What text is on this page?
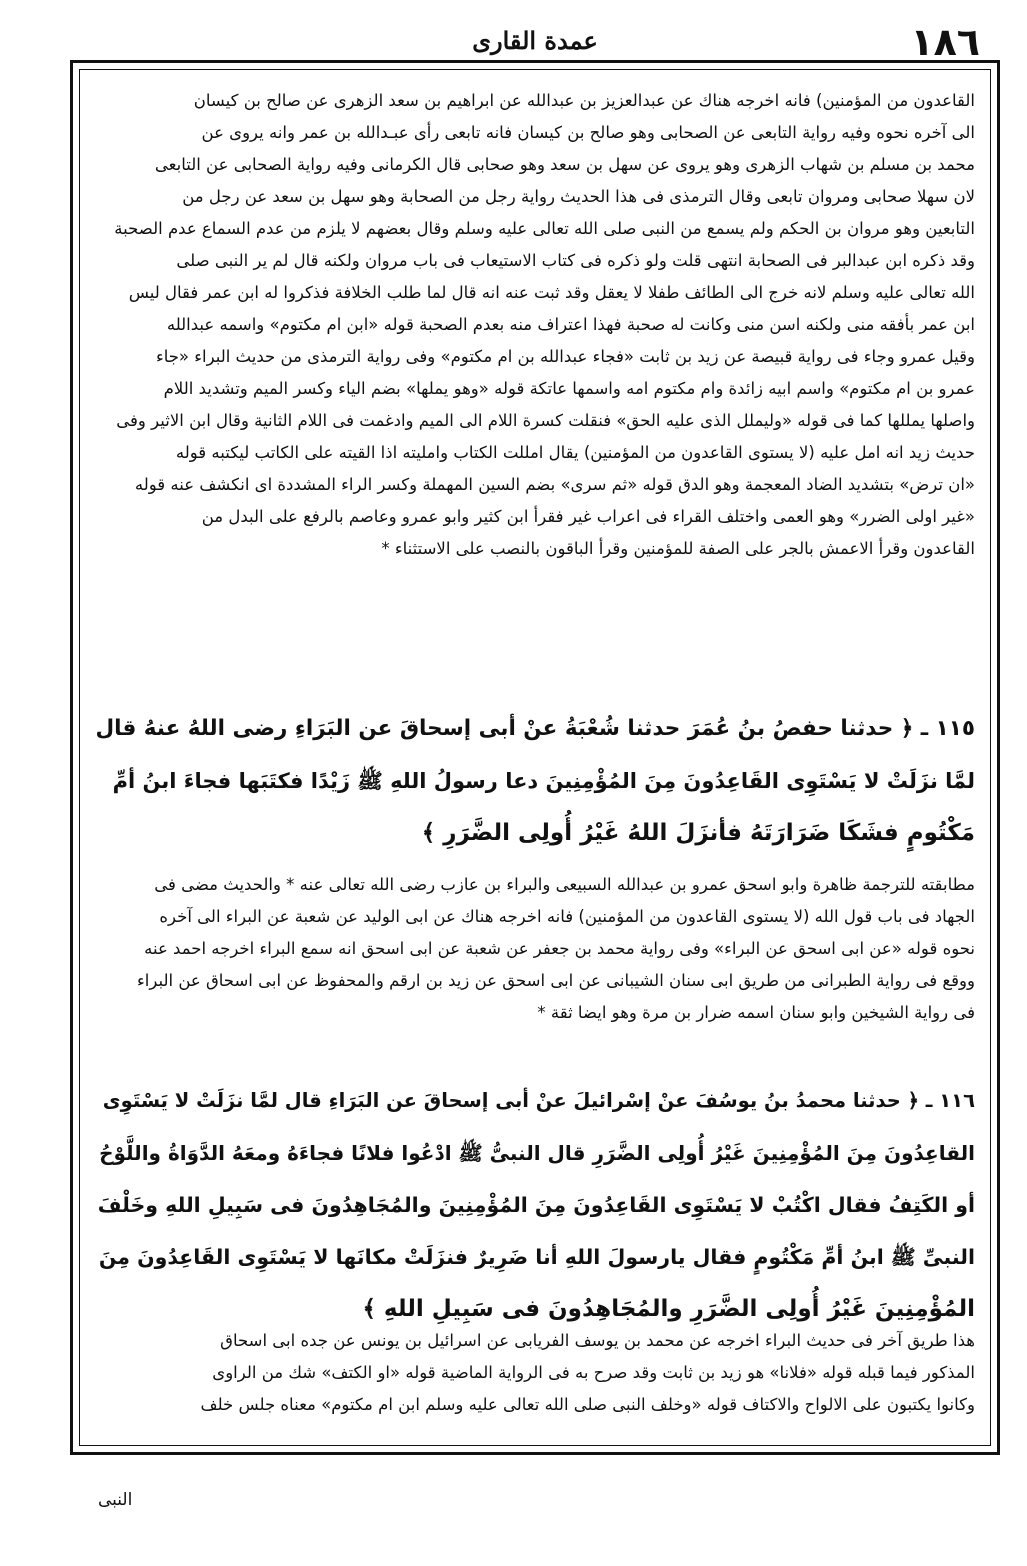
١٨٦
عمدة القارى
القاعدون من المؤمنين) فانه اخرجه هناك عن عبدالعزيز بن عبدالله عن ابراهيم بن سعد الزهرى عن صالح بن كيسان
الى آخره نحوه وفيه رواية التابعى عن الصحابى وهو صالح بن كيسان فانه تابعى رأى عبـدالله بن عمر وانه يروى عن
محمد بن مسلم بن شهاب الزهرى وهو يروى عن سهل بن سعد وهو صحابى قال الكرمانى وفيه رواية الصحابى عن التابعى
لان سهلا صحابى ومروان تابعى وقال الترمذى فى هذا الحديث رواية رجل من الصحابة وهو سهل بن سعد عن رجل من
التابعين وهو مروان بن الحكم ولم يسمع من النبى صلى الله تعالى عليه وسلم وقال بعضهم لا يلزم من عدم السماع عدم الصحبة
وقد ذكره ابن عبدالبر فى الصحابة انتهى قلت ولو ذكره فى كتاب الاستيعاب فى باب مروان ولكنه قال لم ير النبى صلى
الله تعالى عليه وسلم لانه خرج الى الطائف طفلا لا يعقل وقد ثبت عنه انه قال لما طلب الخلافة فذكروا له ابن عمر فقال ليس
ابن عمر بأفقه منى ولكنه اسن منى وكانت له صحبة فهذا اعتراف منه بعدم الصحبة قوله «ابن ام مكتوم» واسمه عبدالله
وقيل عمرو وجاء فى رواية قبيصة عن زيد بن ثابت «فجاء عبدالله بن ام مكتوم» وفى رواية الترمذى من حديث البراء «جاء
عمرو بن ام مكتوم» واسم ابيه زائدة وام مكتوم امه واسمها عاتكة قوله «وهو يملها» بضم الياء وكسر الميم وتشديد اللام
واصلها يمللها كما فى قوله «وليملل الذى عليه الحق» فنقلت كسرة اللام الى الميم وادغمت فى اللام الثانية وقال ابن الاثير وفى
حديث زيد انه امل عليه (لا يستوى القاعدون من المؤمنين) يقال امللت الكتاب وامليته اذا القيته على الكاتب ليكتبه قوله
«ان ترض» بتشديد الضاد المعجمة وهو الدق قوله «ثم سرى» بضم السين المهملة وكسر الراء المشددة اى انكشف عنه قوله
«غير اولى الضرر» وهو العمى واختلف القراء فى اعراب غير فقرأ ابن كثير وابو عمرو وعاصم بالرفع على البدل من
القاعدون وقرأ الاعمش بالجر على الصفة للمؤمنين وقرأ الباقون بالنصب على الاستثناء *
١١٥ ـ ﴿ حدثنا حفصُ بنُ عُمَرَ حدثنا شُعْبَةُ عنْ أبى إسحاقَ عن البَرَاءِ رضى اللهُ عنهُ قال
لمَّا نزَلَتْ لا يَسْتَوِى القَاعِدُونَ مِنَ المُؤْمِنِينَ دعا رسولُ اللهِ ﷺ زَيْدًا فكتَبَها فجاءَ ابنُ أمِّ
مَكْتُومٍ فشَكَا ضَرَارَتَهُ فأنزَلَ اللهُ غَيْرُ أُولِى الضَّرَرِ ﴾
مطابقته للترجمة ظاهرة وابو اسحق عمرو بن عبدالله السبيعى والبراء بن عازب رضى الله تعالى عنه * والحديث مضى فى
الجهاد فى باب قول الله (لا يستوى القاعدون من المؤمنين) فانه اخرجه هناك عن ابى الوليد عن شعبة عن البراء الى آخره
نحوه قوله «عن ابى اسحق عن البراء» وفى رواية محمد بن جعفر عن شعبة عن ابى اسحق انه سمع البراء اخرجه احمد عنه
ووقع فى رواية الطبرانى من طريق ابى سنان الشيبانى عن ابى اسحق عن زيد بن ارقم والمحفوظ عن ابى اسحاق عن البراء
فى رواية الشيخين وابو سنان اسمه ضرار بن مرة وهو ايضا ثقة *
١١٦ ـ ﴿ حدثنا محمدُ بنُ يوسُفَ عنْ إسْرائيلَ عنْ أبى إسحاقَ عن البَرَاءِ قال لمَّا نزَلَتْ لا يَسْتَوِى
القاعِدُونَ مِنَ المُؤْمِنِينَ غَيْرُ أُولِى الضَّرَرِ قال النبىُّ ﷺ ادْعُوا فلانًا فجاءَهُ ومعَهُ الدَّوَاةُ واللَّوْحُ
أو الكَتِفُ فقال اكْتُبْ لا يَسْتَوِى القَاعِدُونَ مِنَ المُؤْمِنِينَ والمُجَاهِدُونَ فى سَبِيلِ اللهِ وخَلْفَ
النبىِّ ﷺ ابنُ أمِّ مَكْتُومٍ فقال يارسولَ اللهِ أنا ضَرِيرٌ فنزَلَتْ مكانَها لا يَسْتَوِى القَاعِدُونَ مِنَ
المُؤْمِنِينَ غَيْرُ أُولِى الضَّرَرِ والمُجَاهِدُونَ فى سَبِيلِ اللهِ ﴾
هذا طريق آخر فى حديث البراء اخرجه عن محمد بن يوسف الفريابى عن اسرائيل بن يونس عن جده ابى اسحاق
المذكور فيما قبله قوله «فلانا» هو زيد بن ثابت وقد صرح به فى الرواية الماضية قوله «او الكتف» شك من الراوى
وكانوا يكتبون على الالواح والاكتاف قوله «وخلف النبى صلى الله تعالى عليه وسلم ابن ام مكتوم» معناه جلس خلف
النبى
